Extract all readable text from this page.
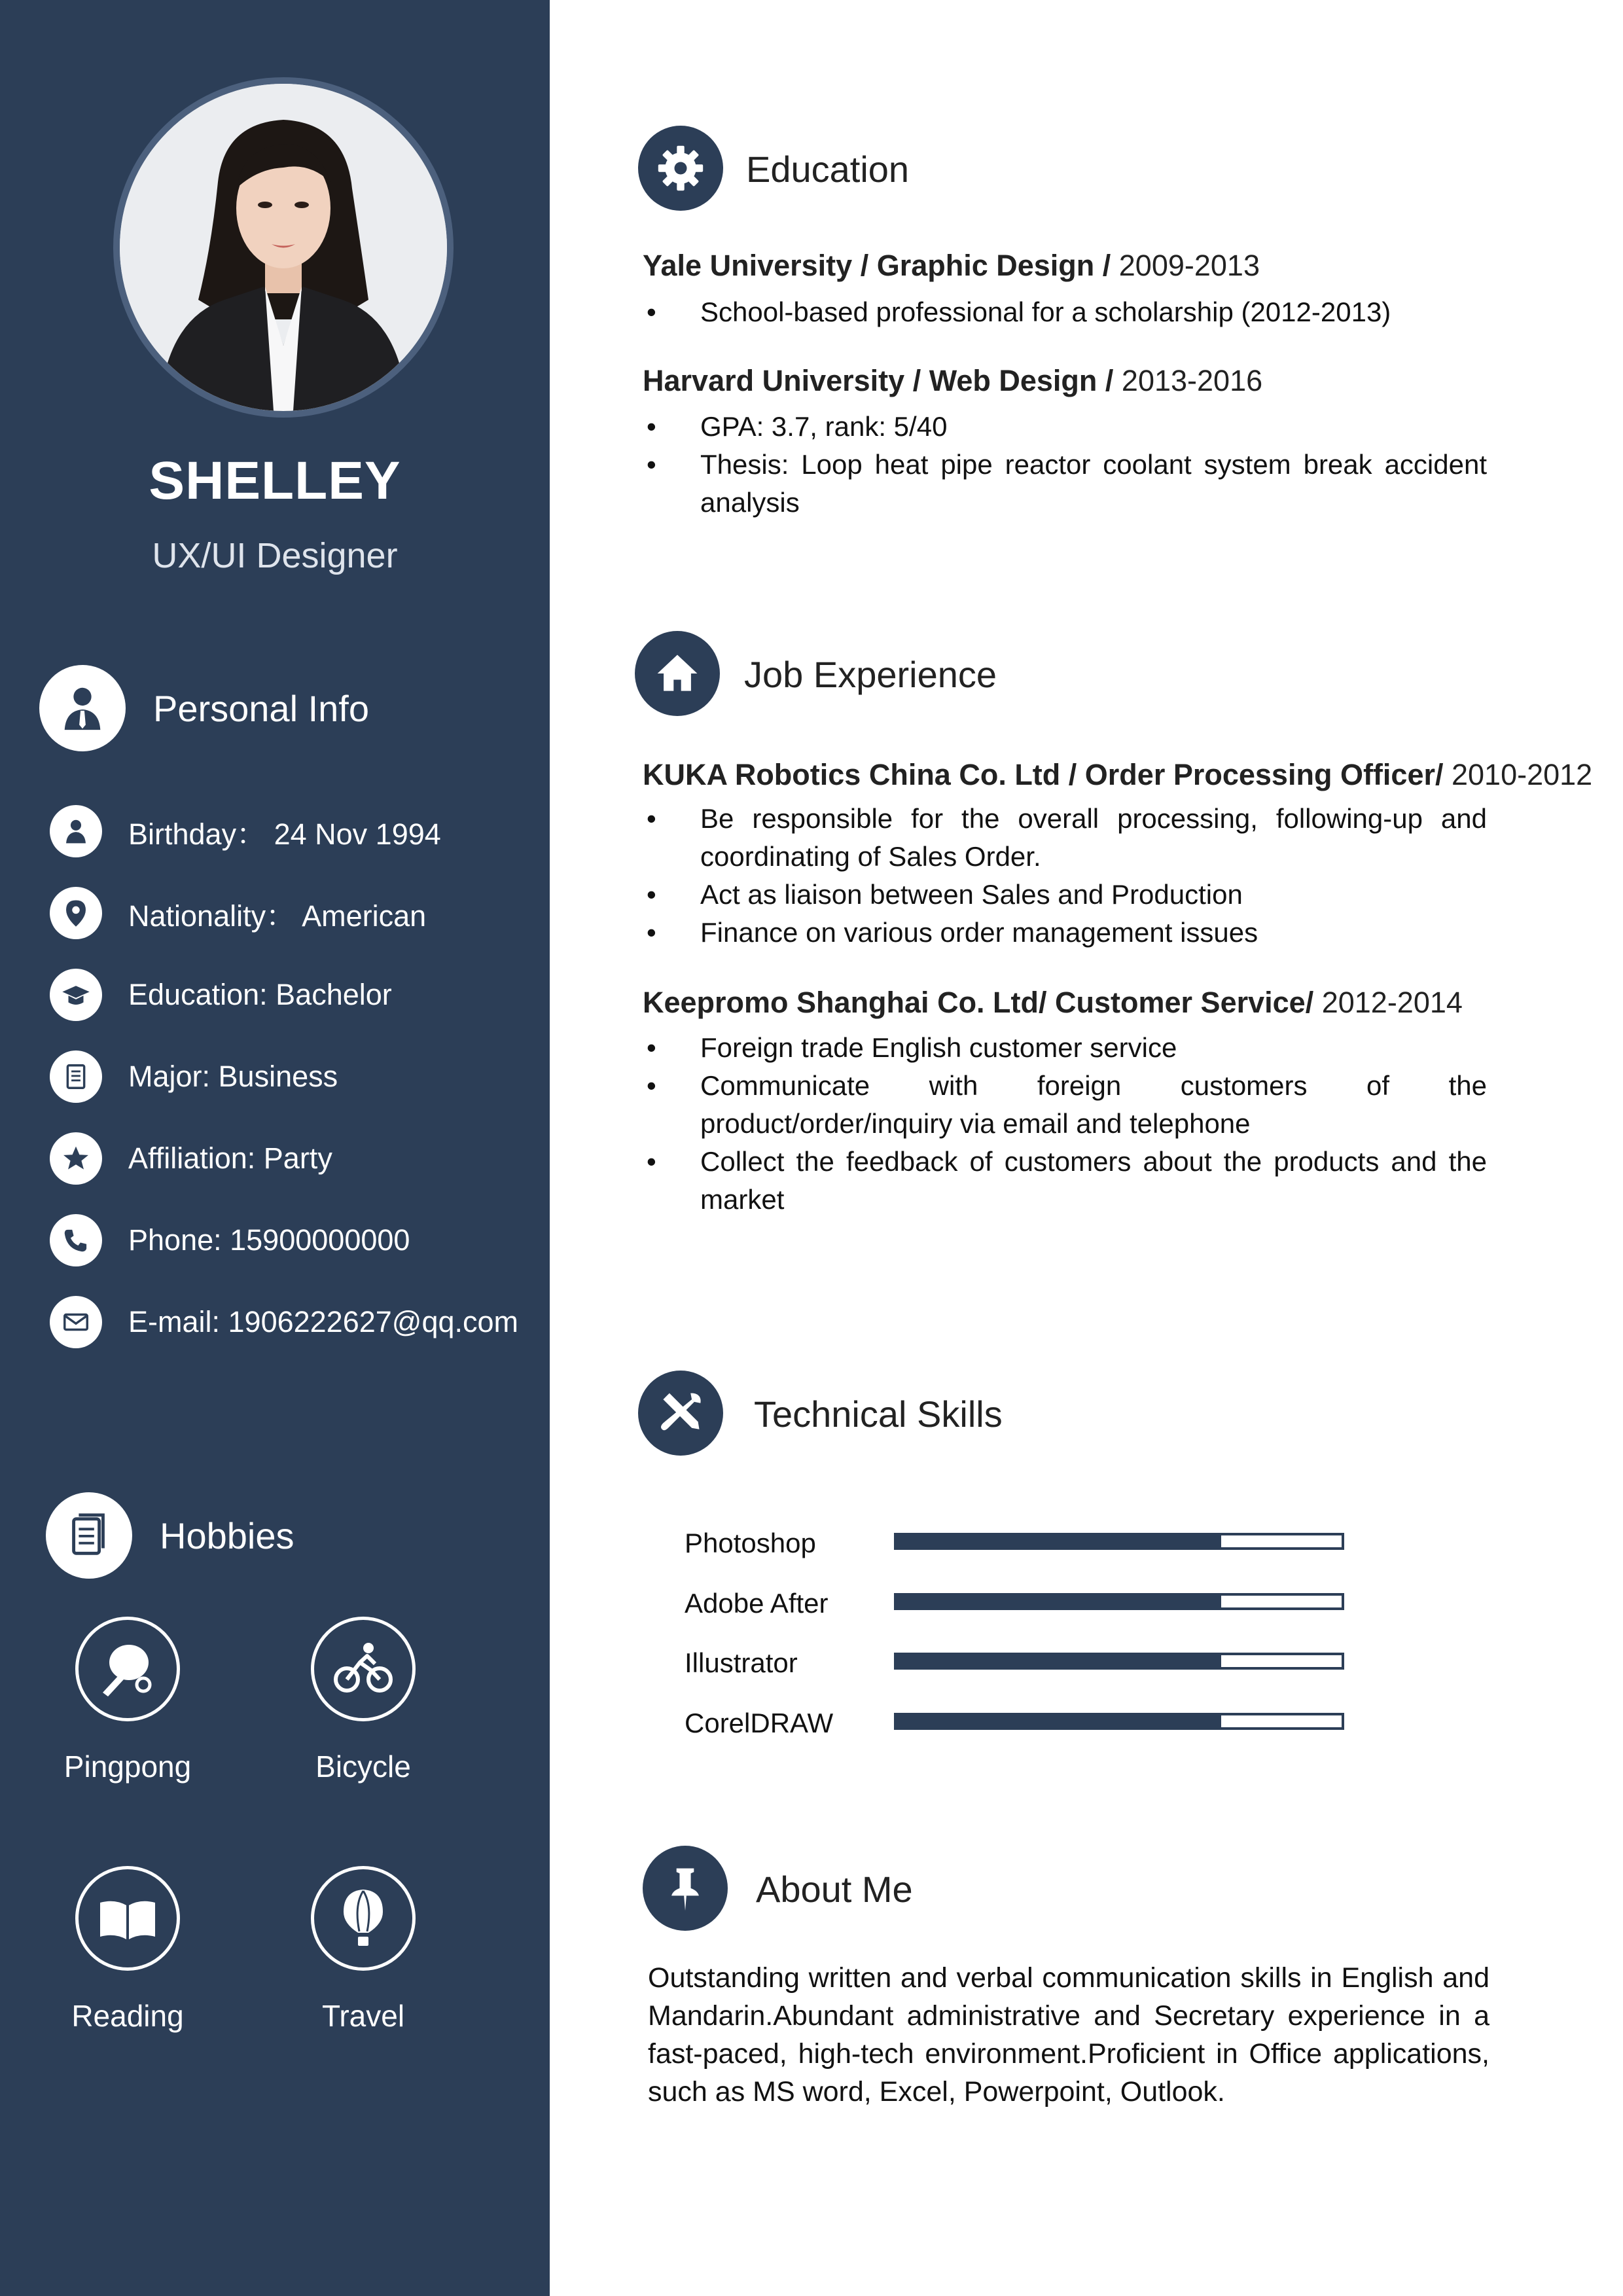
SHELLEY
UX/UI Designer
Personal Info
Birthday： 24 Nov 1994
Nationality： American
Education: Bachelor
Major: Business
Affiliation: Party
Phone: 15900000000
E-mail: 1906222627@qq.com
Hobbies
Pingpong	Bicycle
Reading	Travel
Education
Yale University / Graphic Design / 2009-2013
• School-based professional for a scholarship (2012-2013)
Harvard University / Web Design / 2013-2016
• GPA: 3.7, rank: 5/40
• Thesis: Loop heat pipe reactor coolant system break accident analysis
Job Experience
KUKA Robotics China Co. Ltd / Order Processing Officer/ 2010-2012
• Be responsible for the overall processing, following-up and coordinating of Sales Order.
• Act as liaison between Sales and Production
• Finance on various order management issues
Keepromo Shanghai Co. Ltd/ Customer Service/ 2012-2014
• Foreign trade English customer service
• Communicate with foreign customers of the product/order/inquiry via email and telephone
• Collect the feedback of customers about the products and the market
Technical Skills
Photoshop
Adobe After
Illustrator
CorelDRAW
About Me
Outstanding written and verbal communication skills in English and Mandarin.Abundant administrative and Secretary experience in a fast-paced, high-tech environment.Proficient in Office applications, such as MS word, Excel, Powerpoint, Outlook.
